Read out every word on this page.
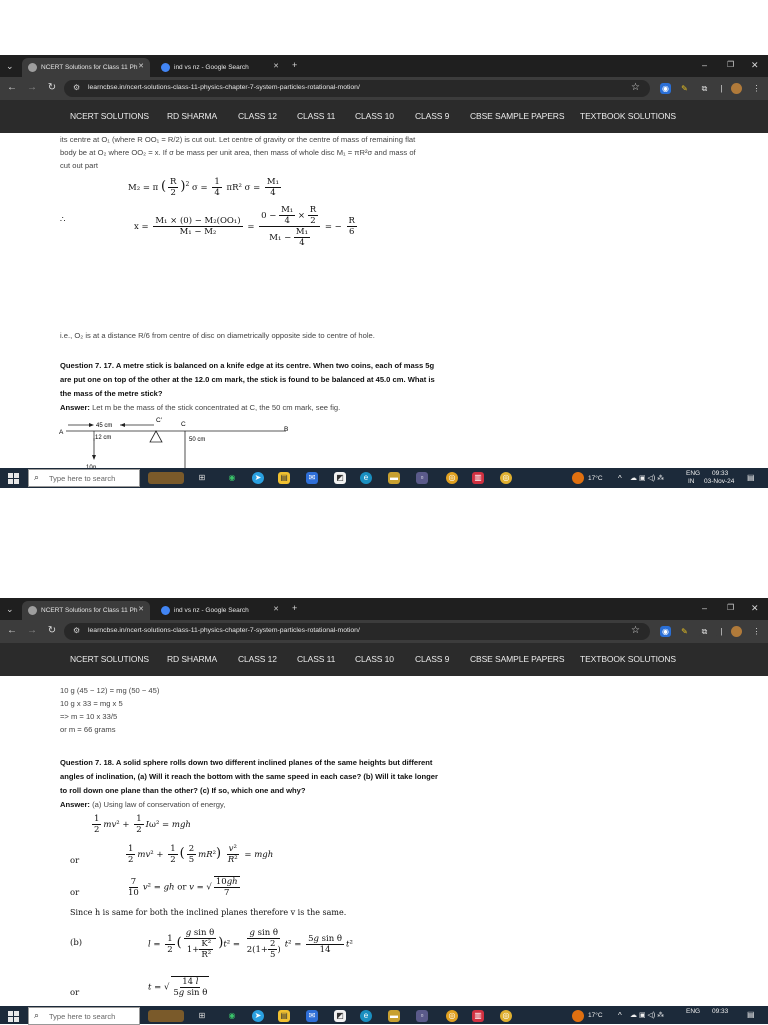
⌄	NCERT Solutions for Class 11 Ph ✕	ind vs nz - Google Search	✕ +	– ❐ ✕
← → ↻ ⚙ learncbse.in/ncert-solutions-class-11-physics-chapter-7-system-particles-rotational-motion/	☆	◉ ✎	⧉	|	⋮
NCERT SOLUTIONS RD SHARMA CLASS 12 CLASS 11 CLASS 10 CLASS 9 CBSE SAMPLE PAPERS TEXTBOOK SOLUTIONS
its centre at O₁ (where R OO₁ = R/2) is cut out. Let centre of gravity or the centre of mass of remaining flat
body be at O₂ where OO₂ = x. If σ be mass per unit area, then mass of whole disc M₁ = πR²σ and mass of
cut out part
M₂ = π ( $\frac{R}{2} )^2$ $\sigma = \frac{1}{4} \pi R^2$ $\sigma = \frac{\text{M₁}}{4}$
∴
$x = \frac{\text{M₁ × (0) − M₂(OO₁)}}{\text{M₁ − M₂}} = \frac{0 - \frac{\text{M₁}}{4} \times \frac{R}{2}}{M_1 - \frac{\text{M₁}}{4}}$ = − $\frac{R}{6}$
i.e., O₂ is at a distance R/6 from centre of disc on diametrically opposite side to centre of hole.
Question 7. 17. A metre stick is balanced on a knife edge at its centre. When two coins, each of mass 5g
are put one on top of the other at the 12.0 cm mark, the stick is found to be balanced at 45.0 cm. What is
the mass of the metre stick?
Answer: Let m be the mass of the stick concentrated at C, the 50 cm mark, see fig.
A	B
C
C′
45 cm
12 cm	50 cm
⌕ Type here to search	⊞	◉	➤	▤	✉	◩	e	▬	▫	◎	▥	◎	17°C ^ ☁ ▣ ◁) ⁂
ENG
IN
09:33
03-Nov-24 ▤
⌄	NCERT Solutions for Class 11 Ph ✕	ind vs nz - Google Search	✕ +	– ❐ ✕
← → ↻ ⚙ learncbse.in/ncert-solutions-class-11-physics-chapter-7-system-particles-rotational-motion/	☆	◉ ✎	⧉	|	⋮
NCERT SOLUTIONS RD SHARMA CLASS 12 CLASS 11 CLASS 10 CLASS 9 CBSE SAMPLE PAPERS TEXTBOOK SOLUTIONS
10 g (45 − 12) = mg (50 − 45)
10 g x 33 = mg x 5
=> m = 10 x 33/5
or m = 66 grams
Question 7. 18. A solid sphere rolls down two different inclined planes of the same heights but different
angles of inclination, (a) Will it reach the bottom with the same speed in each case? (b) Will it take longer
to roll down one plane than the other? (c) If so, which one and why?
Answer: (a) Using law of conservation of energy,
$\frac{1}{2} mv^2 + \frac{1}{2} I\omega^2$ = mgh
or	$\frac{1}{2} mv^2 + \frac{1}{2}$ ( $\frac{2}{5} mR^2) \frac{\text{v²}}{\text{R²}}$ = mgh
or	$\frac{7}{10} v^2$ = gh or v = √ $\frac{10gh}{7}$
Since h is same for both the inclined planes therefore v is the same.
(b)	$l = \frac{1}{2}$ ( $\frac{\text{g sin θ}}{1+ \frac{\text{K²}}{\text{R²}}} )t^2 = \frac{\text{g sin θ}}{2(1+ \frac{2}{5} )} t^2 = \frac{\text{5g sin θ}}{14} t^2$
or
t = √ $\frac{14 l}{\text{5g sin θ}}$
⌕ Type here to search	⊞	◉	➤	▤	✉	◩	e	▬	▫	◎	▥	◎	17°C ^ ☁ ▣ ◁) ⁂
ENG 09:33 ▤
